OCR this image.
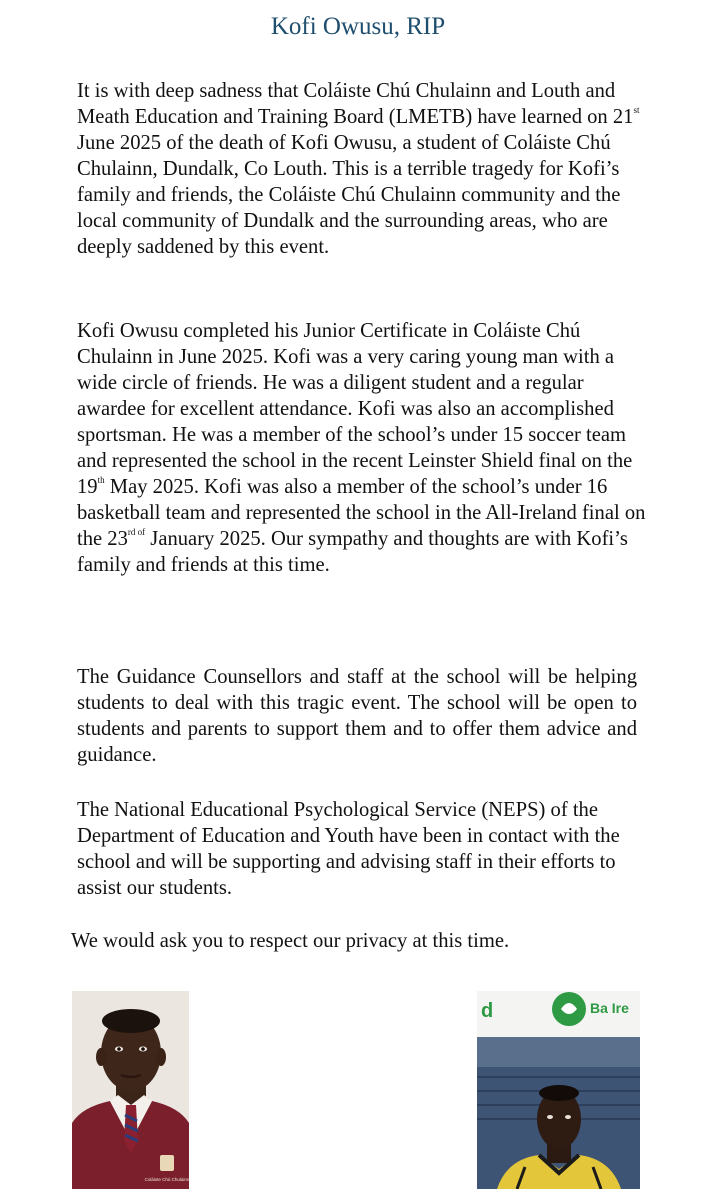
Kofi Owusu, RIP

It is with deep sadness that Coláiste Chú Chulainn and Louth and Meath Education and Training Board (LMETB) have learned on 21st June 2025 of the death of Kofi Owusu, a student of Coláiste Chú Chulainn, Dundalk, Co Louth. This is a terrible tragedy for Kofi’s family and friends, the Coláiste Chú Chulainn community and the local community of Dundalk and the surrounding areas, who are deeply saddened by this event.

Kofi Owusu completed his Junior Certificate in Coláiste Chú Chulainn in June 2025. Kofi was a very caring young man with a wide circle of friends. He was a diligent student and a regular awardee for excellent attendance. Kofi was also an accomplished sportsman. He was a member of the school’s under 15 soccer team and represented the school in the recent Leinster Shield final on the 19th May 2025. Kofi was also a member of the school’s under 16 basketball team and represented the school in the All-Ireland final on the $23^{rd of}$ January 2025. Our sympathy and thoughts are with Kofi’s family and friends at this time.

The Guidance Counsellors and staff at the school will be helping students to deal with this tragic event. The school will be open to students and parents to support them and to offer them advice and guidance.

The National Educational Psychological Service (NEPS) of the Department of Education and Youth have been in contact with the school and will be supporting and advising staff in their efforts to assist our students.

We would ask you to respect our privacy at this time.

Coláiste Chú Chulainn
d	Ba Ire
